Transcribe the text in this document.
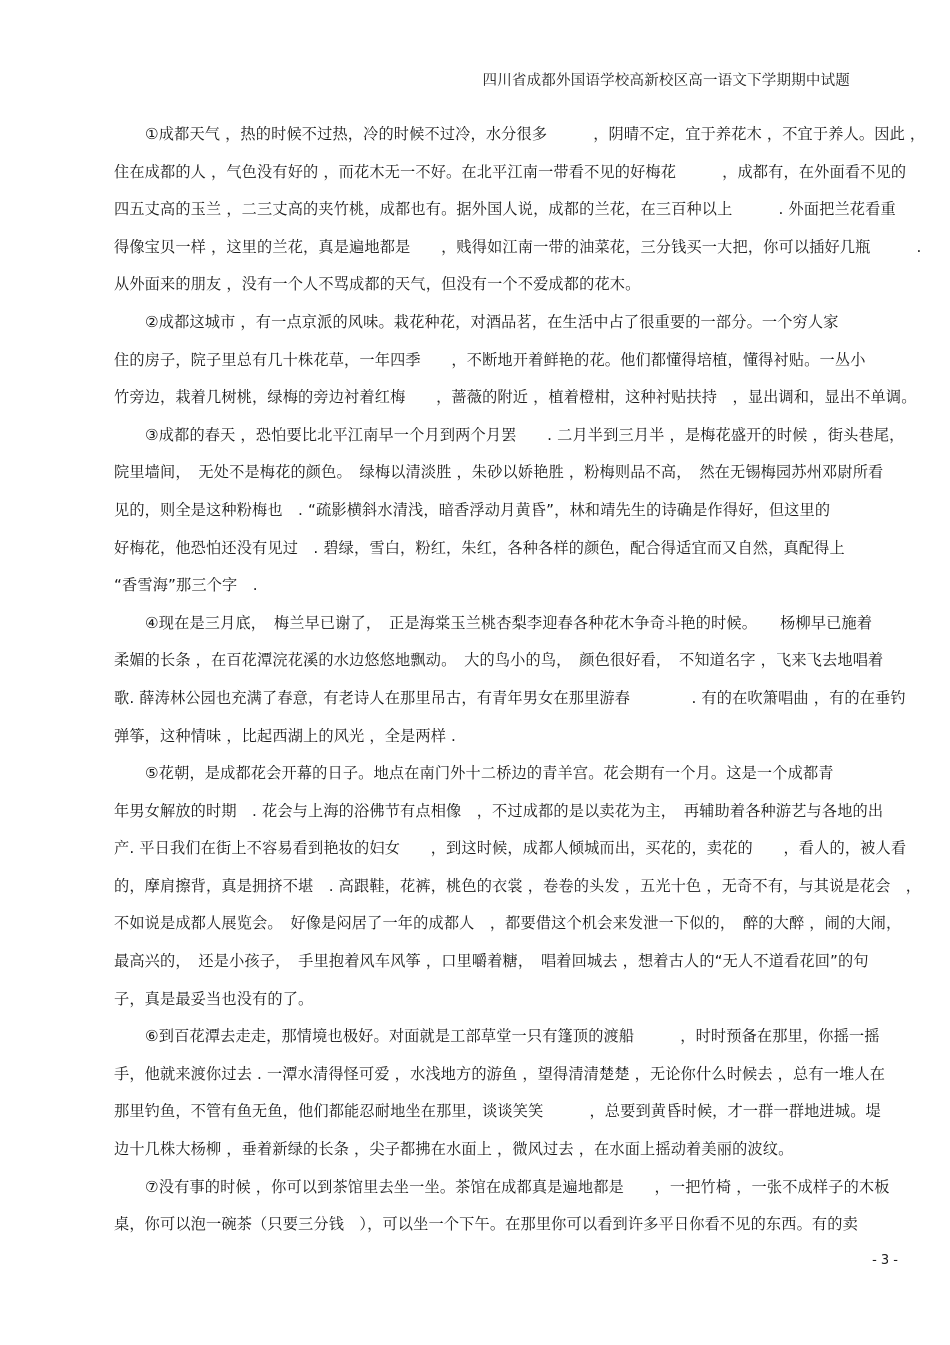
四川省成都外国语学校高新校区高一语文下学期期中试题
①成都天气 ，热的时候不过热，冷的时候不过冷，水分很多　　　，阴晴不定，宜于养花木 ，不宜于养人。因此 ，
住在成都的人 ，气色没有好的 ，而花木无一不好。在北平江南一带看不见的好梅花　　　，成都有，在外面看不见的
四五丈高的玉兰 ，二三丈高的夹竹桃，成都也有。据外国人说，成都的兰花，在三百种以上　　　. 外面把兰花看重
得像宝贝一样 ，这里的兰花，真是遍地都是　　，贱得如江南一带的油菜花，三分钱买一大把，你可以插好几瓶　　　.
从外面来的朋友 ，没有一个人不骂成都的天气，但没有一个不爱成都的花木。
②成都这城市 ，有一点京派的风味。栽花种花，对酒品茗，在生活中占了很重要的一部分。一个穷人家
住的房子，院子里总有几十株花草，一年四季　　，不断地开着鲜艳的花。他们都懂得培植，懂得衬贴。一丛小
竹旁边，栽着几树桃，绿梅的旁边衬着红梅　　，蔷薇的附近 ，植着橙柑，这种衬贴扶持　，显出调和，显出不单调。
③成都的春天 ，恐怕要比北平江南早一个月到两个月罢　　. 二月半到三月半 ，是梅花盛开的时候 ，街头巷尾，
院里墙间，　无处不是梅花的颜色。　绿梅以清淡胜 ，朱砂以娇艳胜 ，粉梅则品不高，　然在无锡梅园苏州邓尉所看
见的，则全是这种粉梅也　. “疏影横斜水清浅，暗香浮动月黄昏”，林和靖先生的诗确是作得好，但这里的
好梅花，他恐怕还没有见过　. 碧绿，雪白，粉红，朱红，各种各样的颜色，配合得适宜而又自然，真配得上
“香雪海”那三个字　.
④现在是三月底，　梅兰早已谢了，　正是海棠玉兰桃杏梨李迎春各种花木争奇斗艳的时候。　　杨柳早已施着
柔媚的长条 ，在百花潭浣花溪的水边悠悠地飘动。　大的鸟小的鸟，　颜色很好看，　不知道名字 ，飞来飞去地唱着
歌. 薛涛林公园也充满了春意，有老诗人在那里吊古，有青年男女在那里游春　　　　. 有的在吹箫唱曲 ，有的在垂钓
弹筝，这种情味 ，比起西湖上的风光 ，全是两样 .
⑤花朝，是成都花会开幕的日子。地点在南门外十二桥边的青羊宫。花会期有一个月。这是一个成都青
年男女解放的时期　. 花会与上海的浴佛节有点相像　，不过成都的是以卖花为主，　再辅助着各种游艺与各地的出
产. 平日我们在街上不容易看到艳妆的妇女　　，到这时候，成都人倾城而出，买花的，卖花的　　，看人的，被人看
的，摩肩擦背，真是拥挤不堪　. 高跟鞋，花裤，桃色的衣裳 ，卷卷的头发 ，五光十色 ，无奇不有，与其说是花会　，
不如说是成都人展览会。　好像是闷居了一年的成都人　，都要借这个机会来发泄一下似的，　醉的大醉 ，闹的大闹，
最高兴的，　还是小孩子，　手里抱着风车风筝 ，口里嚼着糖，　唱着回城去 ，想着古人的“无人不道看花回”的句
子，真是最妥当也没有的了。
⑥到百花潭去走走，那情境也极好。对面就是工部草堂一只有篷顶的渡船　　　，时时预备在那里，你摇一摇
手，他就来渡你过去 . 一潭水清得怪可爱 ，水浅地方的游鱼 ，望得清清楚楚 ，无论你什么时候去 ，总有一堆人在
那里钓鱼，不管有鱼无鱼，他们都能忍耐地坐在那里，谈谈笑笑　　　，总要到黄昏时候，才一群一群地进城。堤
边十几株大杨柳 ，垂着新绿的长条 ，尖子都拂在水面上 ，微风过去 ，在水面上摇动着美丽的波纹。
⑦没有事的时候 ，你可以到茶馆里去坐一坐。茶馆在成都真是遍地都是　　，一把竹椅 ，一张不成样子的木板
桌，你可以泡一碗茶（只要三分钱　），可以坐一个下午。在那里你可以看到许多平日你看不见的东西。有的卖
- 3 -
